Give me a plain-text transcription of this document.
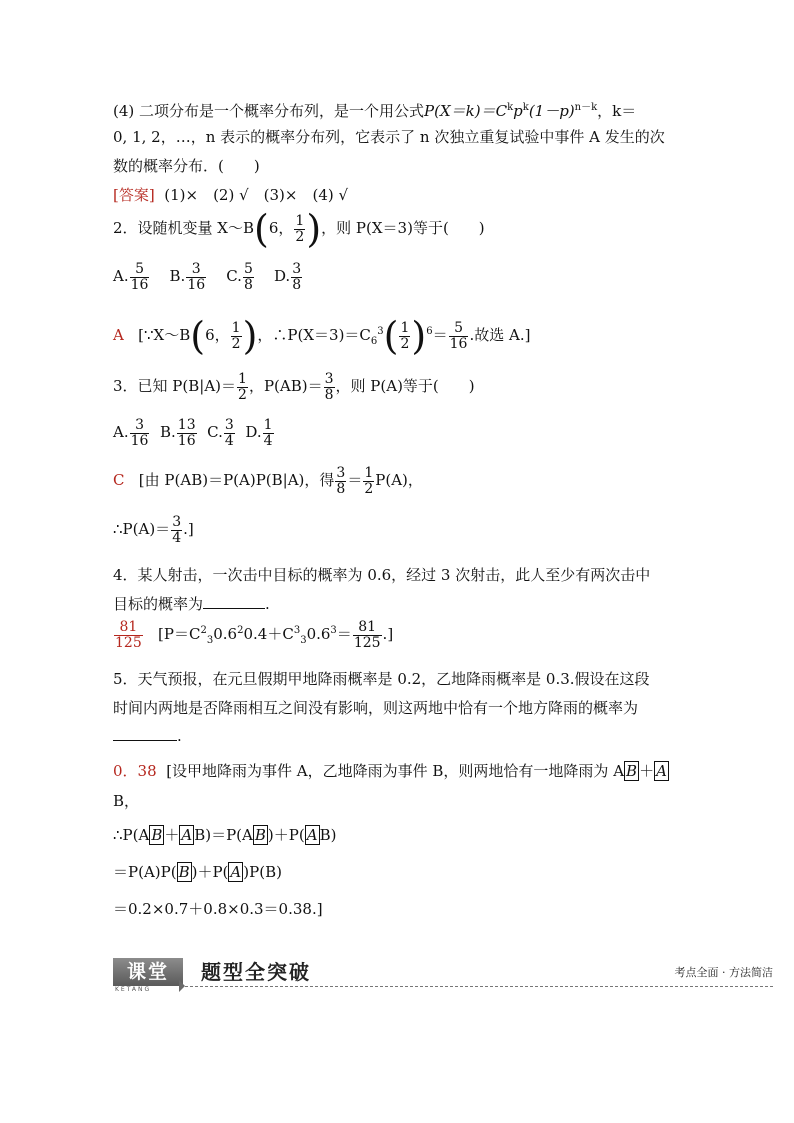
(4) 二项分布是一个概率分布列，是一个用公式$P(X=k)=C^kp^k(1-p)^{n-k}$，k＝
0, 1, 2，…，n 表示的概率分布列，它表示了 n 次独立重复试验中事件 A 发生的次
数的概率分布．(　　)
[答案] (1)×　(2) √　(3)×　(4) √
2．设随机变量 X～B(6， $\frac{1}{2}$ )，则 P(X＝3)等于(　　)
A. $\frac{5}{16} B$. $\frac{3}{16} C$. $\frac{5}{8} D$. $\frac{3}{8}$
A [∵X～B(6， $\frac{1}{2}$ )，$\therefore P(X=3)=C_6^3( \frac{1}{2} )^6= \frac{5}{16}$ .故选 A.]
3．已知 $P(B|A)= \frac{1}{2}$ ，$P(AB)= \frac{3}{8}$ ，则 P(A)等于(　　)
A. $\frac{3}{16} B$. $\frac{13}{16} C$. $\frac{3}{4} D$. $\frac{1}{4}$
C [由 P(AB)＝P(A)P(B|A)，得 $\frac{3}{8} = \frac{1}{2} P(A)$，
∴P(A)＝ $\frac{3}{4}$ .]
4．某人射击，一次击中目标的概率为 0.6，经过 3 次射击，此人至少有两次击中
目标的概率为	.
$\frac{81}{125} [P=C^2_30.6^20.4+C^3_30.6^3= \frac{81}{125}$ .]
5．天气预报，在元旦假期甲地降雨概率是 0.2，乙地降雨概率是 0.3.假设在这段
时间内两地是否降雨相互之间没有影响，则这两地中恰有一个地方降雨的概率为
.
0．38 [设甲地降雨为事件 A，乙地降雨为事件 B，则两地恰有一地降雨为 A B ＋ A
B，
∴P(A B ＋ A B)＝P(A B )＋P( A B)
＝P(A)P( B )＋P( A )P(B)
＝0.2×0.7＋0.8×0.3＝0.38.]
课堂
KETANG
题型全突破	考点全面 · 方法简洁
